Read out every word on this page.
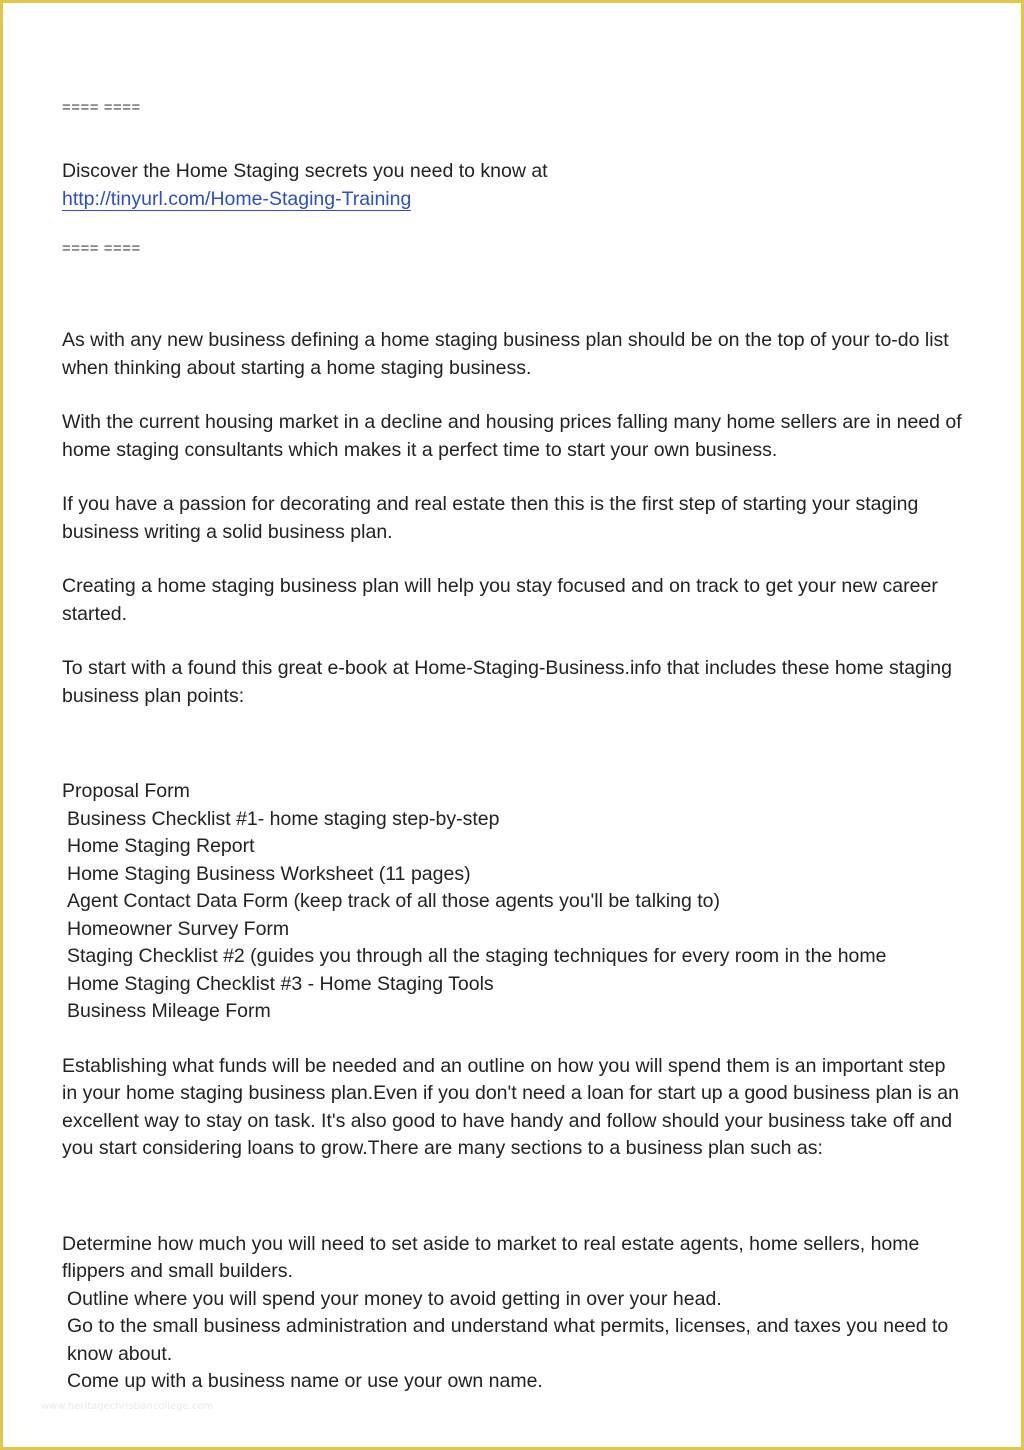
==== ====

Discover the Home Staging secrets you need to know at
http://tinyurl.com/Home-Staging-Training

==== ====

As with any new business defining a home staging business plan should be on the top of your to-do list when thinking about starting a home staging business.

With the current housing market in a decline and housing prices falling many home sellers are in need of home staging consultants which makes it a perfect time to start your own business.

If you have a passion for decorating and real estate then this is the first step of starting your staging business writing a solid business plan.

Creating a home staging business plan will help you stay focused and on track to get your new career started.

To start with a found this great e-book at Home-Staging-Business.info that includes these home staging business plan points:

Proposal Form

Business Checklist #1- home staging step-by-step
Home Staging Report
Home Staging Business Worksheet (11 pages)
Agent Contact Data Form (keep track of all those agents you'll be talking to)
Homeowner Survey Form
Staging Checklist #2 (guides you through all the staging techniques for every room in the home
Home Staging Checklist #3 - Home Staging Tools
Business Mileage Form

Establishing what funds will be needed and an outline on how you will spend them is an important step in your home staging business plan.Even if you don't need a loan for start up a good business plan is an excellent way to stay on task. It's also good to have handy and follow should your business take off and you start considering loans to grow.There are many sections to a business plan such as:

Determine how much you will need to set aside to market to real estate agents, home sellers, home flippers and small builders.

Outline where you will spend your money to avoid getting in over your head.

Go to the small business administration and understand what permits, licenses, and taxes you need to know about.

Come up with a business name or use your own name.

www.heritagechristiancollege.com
